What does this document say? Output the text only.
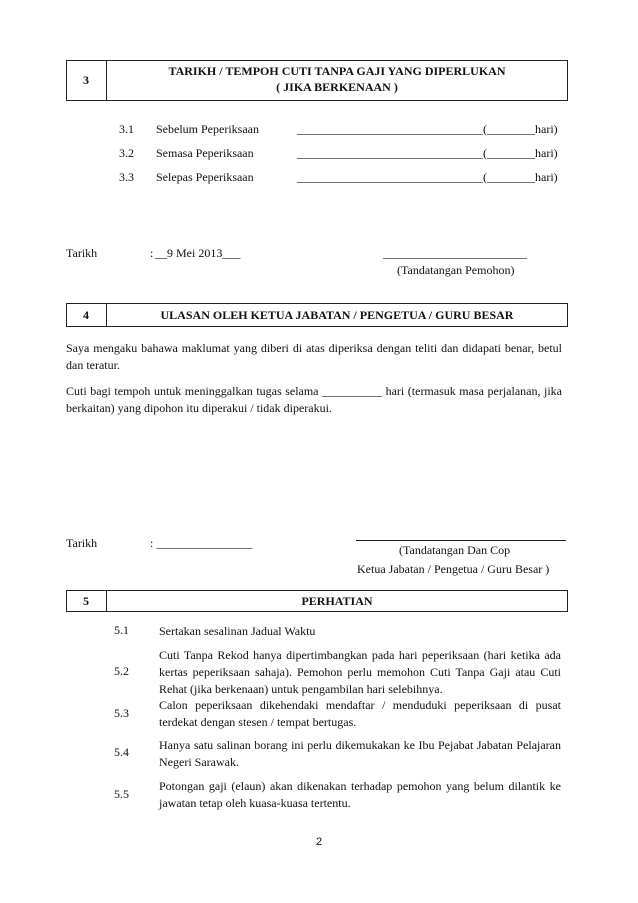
3
TARIKH / TEMPOH CUTI TANPA GAJI YANG DIPERLUKAN
( JIKA BERKENAAN )
3.1 Sebelum Peperiksaan	_______________________________(________hari)
3.2 Semasa Peperiksaan	_______________________________(________hari)
3.3 Selepas Peperiksaan	_______________________________(________hari)
Tarikh	: __9 Mei 2013___	________________________
(Tandatangan Pemohon)
4	ULASAN OLEH KETUA JABATAN / PENGETUA / GURU BESAR
Saya mengaku bahawa maklumat yang diberi di atas diperiksa dengan teliti dan didapati benar, betul dan teratur.
Cuti bagi tempoh untuk meninggalkan tugas selama __________ hari (termasuk masa perjalanan, jika berkaitan) yang dipohon itu diperakui / tidak diperakui.
Tarikh	: ________________	(Tandatangan Dan Cop
Ketua Jabatan / Pengetua / Guru Besar )
5	PERHATIAN
5.1	Sertakan sesalinan Jadual Waktu
5.2
Cuti Tanpa Rekod hanya dipertimbangkan pada hari peperiksaan (hari ketika ada kertas peperiksaan sahaja). Pemohon perlu memohon Cuti Tanpa Gaji atau Cuti Rehat (jika berkenaan) untuk pengambilan hari selebihnya.
5.3
Calon peperiksaan dikehendaki mendaftar / menduduki peperiksaan di pusat terdekat dengan stesen / tempat bertugas.
5.4	Hanya satu salinan borang ini perlu dikemukakan ke Ibu Pejabat Jabatan Pelajaran Negeri Sarawak.
5.5
Potongan gaji (elaun) akan dikenakan terhadap pemohon yang belum dilantik ke jawatan tetap oleh kuasa-kuasa tertentu.
2
